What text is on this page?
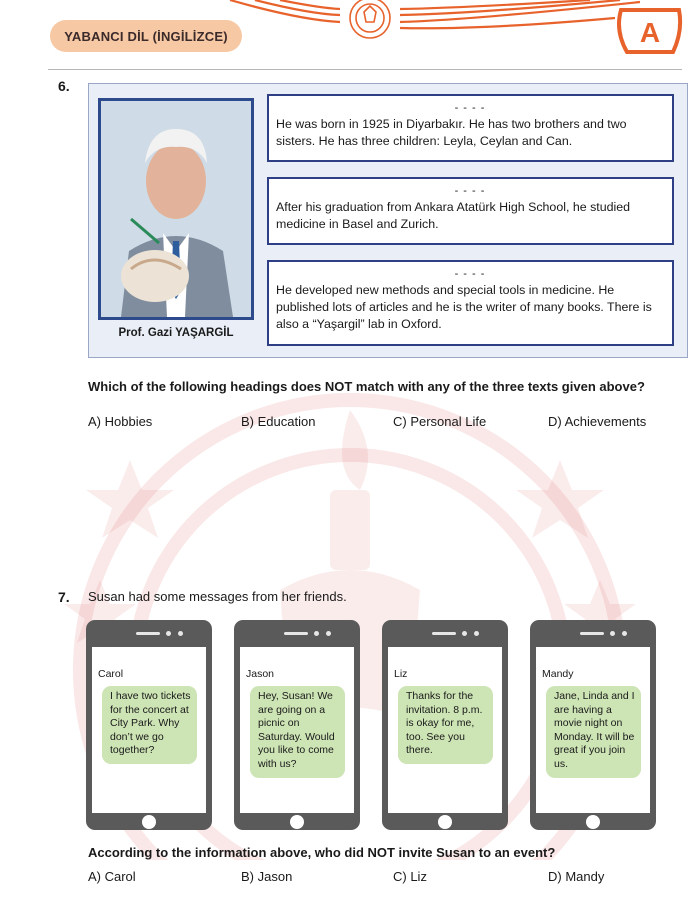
YABANCI DİL (İNGİLİZCE)	A
6.
Prof. Gazi YAŞARGİL
- - - -
He was born in 1925 in Diyarbakır. He has two brothers and two sisters. He has three children: Leyla, Ceylan and Can.
- - - -
After his graduation from Ankara Atatürk High School, he studied medicine in Basel and Zurich.
- - - -
He developed new methods and special tools in medicine. He published lots of articles and he is the writer of many books. There is also a “Yaşargil” lab in Oxford.
Which of the following headings does NOT match with any of the three texts given above?
A) Hobbies	B) Education	C) Personal Life	D) Achievements
7. Susan had some messages from her friends.
Carol
I have two tickets for the concert at City Park. Why don’t we go together?
Jason
Hey, Susan! We are going on a picnic on Saturday. Would you like to come with us?
Liz
Thanks for the invitation. 8 p.m. is okay for me, too. See you there.
Mandy
Jane, Linda and I are having a movie night on Monday. It will be great if you join us.
According to the information above, who did NOT invite Susan to an event?
A) Carol	B) Jason	C) Liz	D) Mandy
